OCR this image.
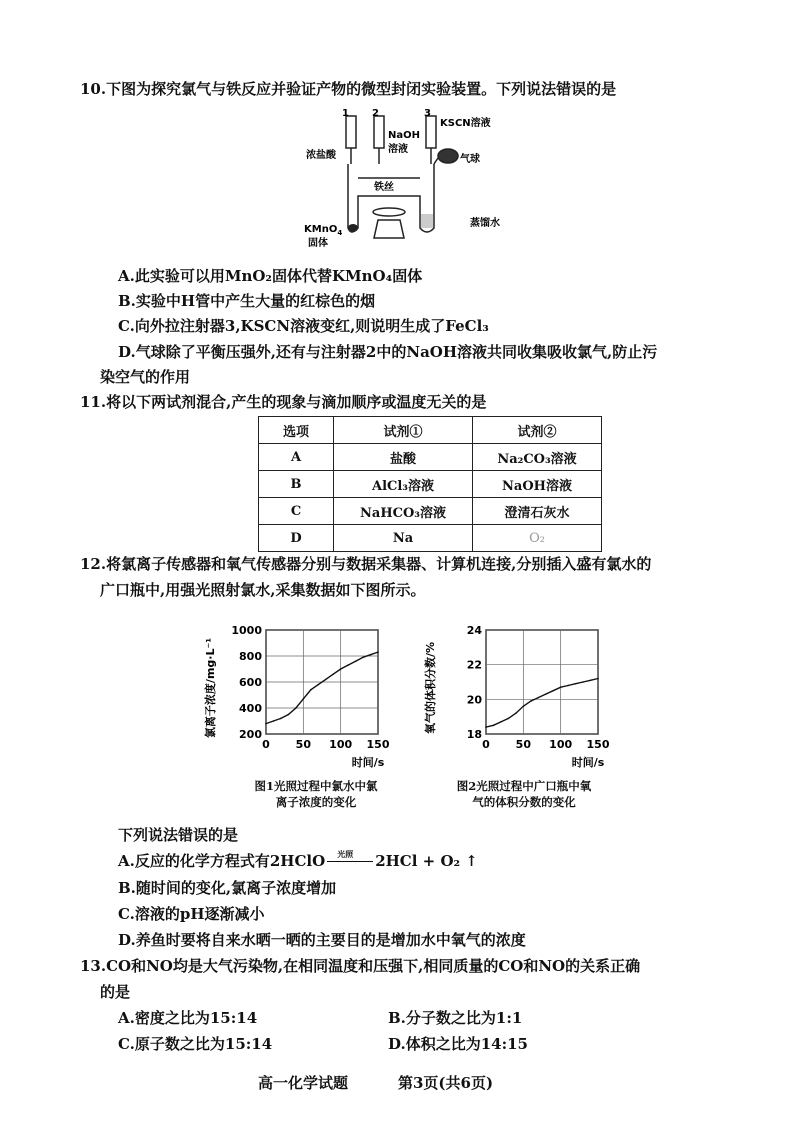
10.下图为探究氯气与铁反应并验证产物的微型封闭实验装置。下列说法错误的是
1 2	3
NaOH
溶液
KSCN溶液
浓盐酸	气球
铁丝
KMnO$_4$
固体
蒸馏水
A.此实验可以用MnO₂固体代替KMnO₄固体
B.实验中H管中产生大量的红棕色的烟
C.向外拉注射器3,KSCN溶液变红,则说明生成了FeCl₃
D.气球除了平衡压强外,还有与注射器2中的NaOH溶液共同收集吸收氯气,防止污
染空气的作用
11.将以下两试剂混合,产生的现象与滴加顺序或温度无关的是
选项	试剂①	试剂②
A	盐酸	Na₂CO₃溶液
B	AlCl₃溶液	NaOH溶液
C	NaHCO₃溶液	澄清石灰水
D	Na	O₂
12.将氯离子传感器和氧气传感器分别与数据采集器、计算机连接,分别插入盛有氯水的
广口瓶中,用强光照射氯水,采集数据如下图所示。
200
400
600
800
1000
0 50 100 150
时间/s
氯离子浓度/mg·L⁻¹	18
20
22
24
0 50 100 150
时间/s
氧气的体积分数/%
图1光照过程中氯水中氯
离子浓度的变化
图2光照过程中广口瓶中氧
气的体积分数的变化
下列说法错误的是
A.反应的化学方程式有2HClO 光照 2HCl + O₂ ↑
B.随时间的变化,氯离子浓度增加
C.溶液的pH逐渐减小
D.养鱼时要将自来水晒一晒的主要目的是增加水中氧气的浓度
13.CO和NO均是大气污染物,在相同温度和压强下,相同质量的CO和NO的关系正确
的是
A.密度之比为15:14	B.分子数之比为1:1
C.原子数之比为15:14	D.体积之比为14:15
高一化学试题	第3页(共6页)
